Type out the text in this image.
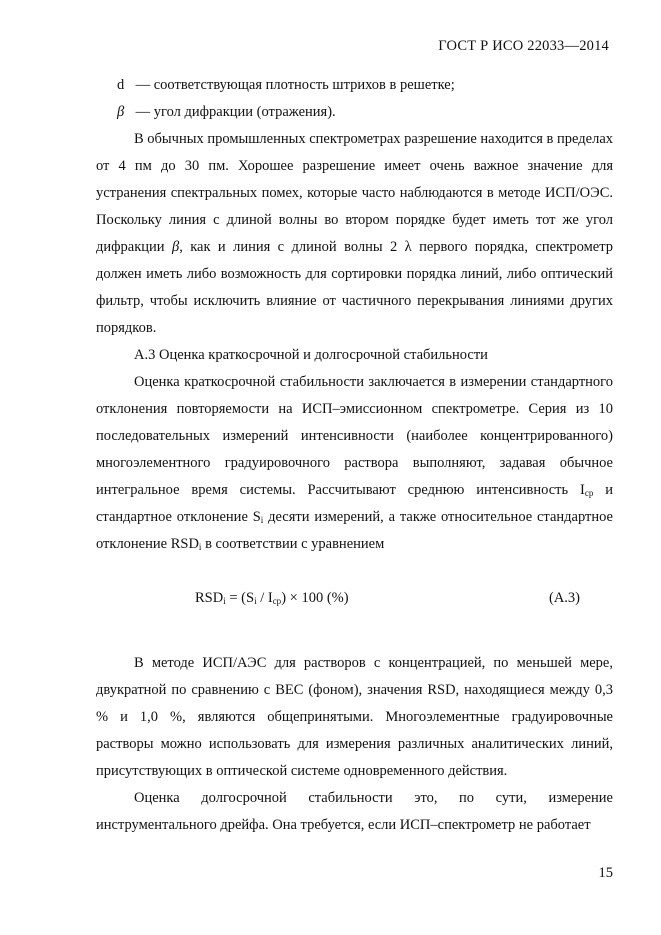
ГОСТ Р ИСО 22033—2014
d — соответствующая плотность штрихов в решетке;
β — угол дифракции (отражения).

В обычных промышленных спектрометрах разрешение находится в пределах от 4 пм до 30 пм. Хорошее разрешение имеет очень важное значение для устранения спектральных помех, которые часто наблюдаются в методе ИСП/ОЭС. Поскольку линия с длиной волны во втором порядке будет иметь тот же угол дифракции β, как и линия с длиной волны 2 λ первого порядка, спектрометр должен иметь либо возможность для сортировки порядка линий, либо оптический фильтр, чтобы исключить влияние от частичного перекрывания линиями других порядков.

А.3 Оценка краткосрочной и долгосрочной стабильности

Оценка краткосрочной стабильности заключается в измерении стандартного отклонения повторяемости на ИСП–эмиссионном спектрометре. Серия из 10 последовательных измерений интенсивности (наиболее концентрированного) многоэлементного градуировочного раствора выполняют, задавая обычное интегральное время системы. Рассчитывают среднюю интенсивность $I_{ср}$ и стандартное отклонение $S_i$ десяти измерений, а также относительное стандартное отклонение $RSD_i$ в соответствии с уравнением

$RSD_i = (S_i / I_{ср}) \times 100$ (%)	(А.3)

В методе ИСП/АЭС для растворов с концентрацией, по меньшей мере, двукратной по сравнению с ВЕС (фоном), значения RSD, находящиеся между 0,3 % и 1,0 %, являются общепринятыми. Многоэлементные градуировочные растворы можно использовать для измерения различных аналитических линий, присутствующих в оптической системе одновременного действия.

Оценка долгосрочной стабильности это, по сути, измерение инструментального дрейфа. Она требуется, если ИСП–спектрометр не работает

15
